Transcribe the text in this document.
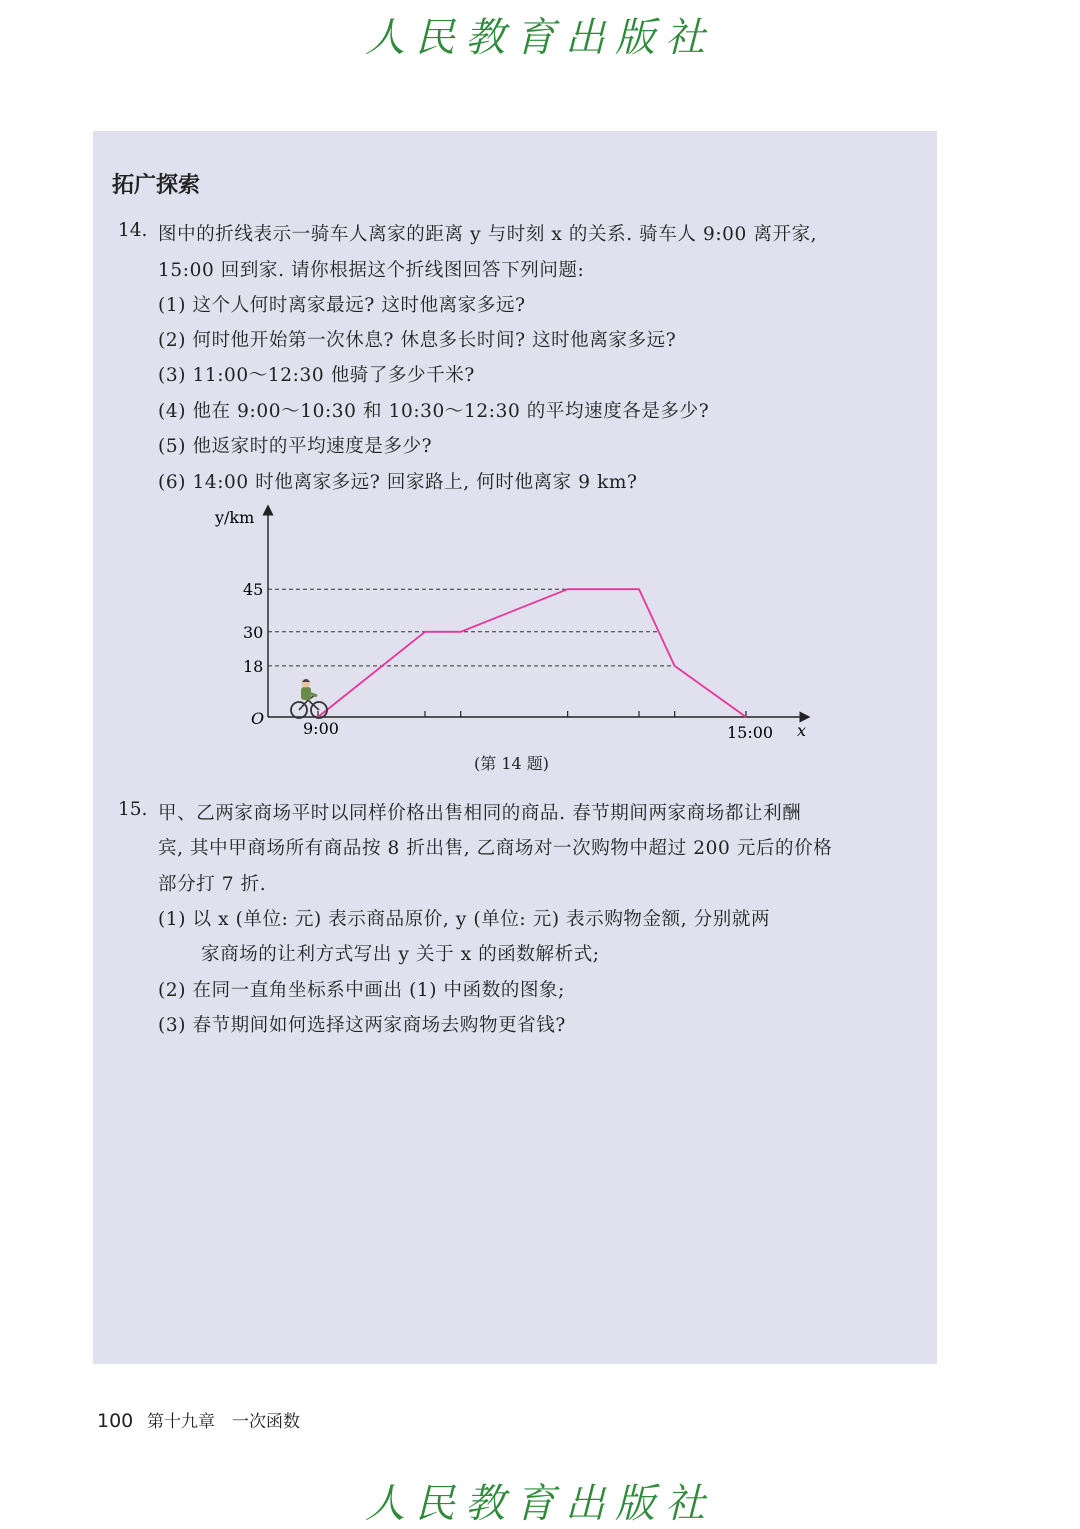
人民教育出版社
拓广探索
14. 图中的折线表示一骑车人离家的距离 y 与时刻 x 的关系. 骑车人 9:00 离开家,
15:00 回到家. 请你根据这个折线图回答下列问题:
(1) 这个人何时离家最远? 这时他离家多远?
(2) 何时他开始第一次休息? 休息多长时间? 这时他离家多远?
(3) 11:00～12:30 他骑了多少千米?
(4) 他在 9:00～10:30 和 10:30～12:30 的平均速度各是多少?
(5) 他返家时的平均速度是多少?
(6) 14:00 时他离家多远? 回家路上, 何时他离家 9 km?
18
30
45
y/km
O
x
9:00	15:00
(第 14 题)
15. 甲、乙两家商场平时以同样价格出售相同的商品. 春节期间两家商场都让利酬
宾, 其中甲商场所有商品按 8 折出售, 乙商场对一次购物中超过 200 元后的价格
部分打 7 折.
(1) 以 x (单位: 元) 表示商品原价, y (单位: 元) 表示购物金额, 分别就两
家商场的让利方式写出 y 关于 x 的函数解析式;
(2) 在同一直角坐标系中画出 (1) 中函数的图象;
(3) 春节期间如何选择这两家商场去购物更省钱?
100 第十九章　一次函数
人民教育出版社
